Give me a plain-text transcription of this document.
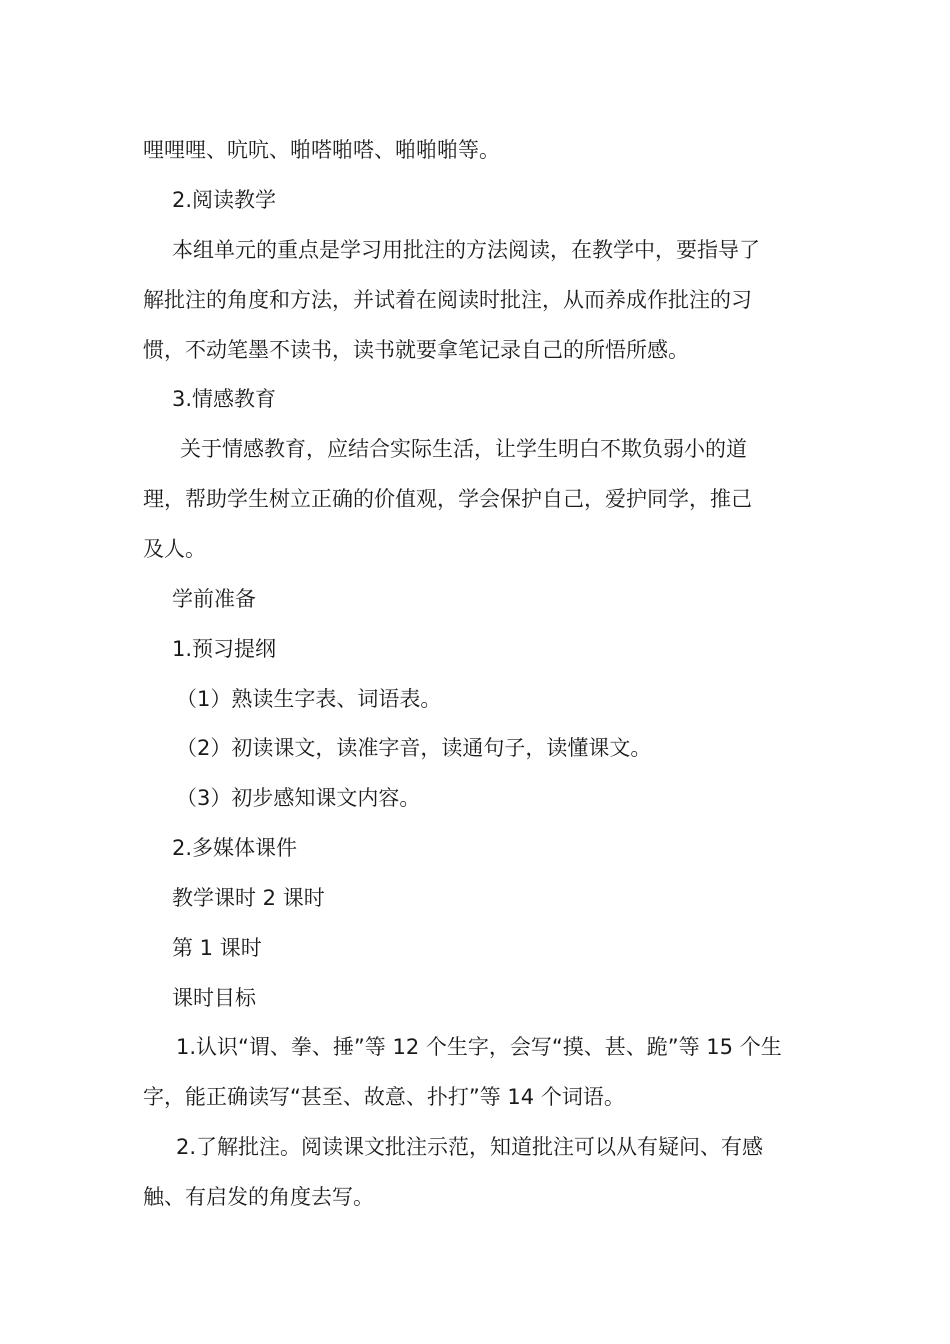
哩哩哩、吭吭、啪嗒啪嗒、啪啪啪等。
2.阅读教学
本组单元的重点是学习用批注的方法阅读，在教学中，要指导了
解批注的角度和方法，并试着在阅读时批注，从而养成作批注的习
惯，不动笔墨不读书，读书就要拿笔记录自己的所悟所感。
3.情感教育
关于情感教育，应结合实际生活，让学生明白不欺负弱小的道
理，帮助学生树立正确的价值观，学会保护自己，爱护同学，推己
及人。
学前准备
1.预习提纲
（1）熟读生字表、词语表。
（2）初读课文，读准字音，读通句子，读懂课文。
（3）初步感知课文内容。
2.多媒体课件
教学课时 2 课时
第 1 课时
课时目标
1.认识“谓、拳、捶”等 12 个生字，会写“摸、甚、跪”等 15 个生
字，能正确读写“甚至、故意、扑打”等 14 个词语。
2.了解批注。阅读课文批注示范，知道批注可以从有疑问、有感
触、有启发的角度去写。
